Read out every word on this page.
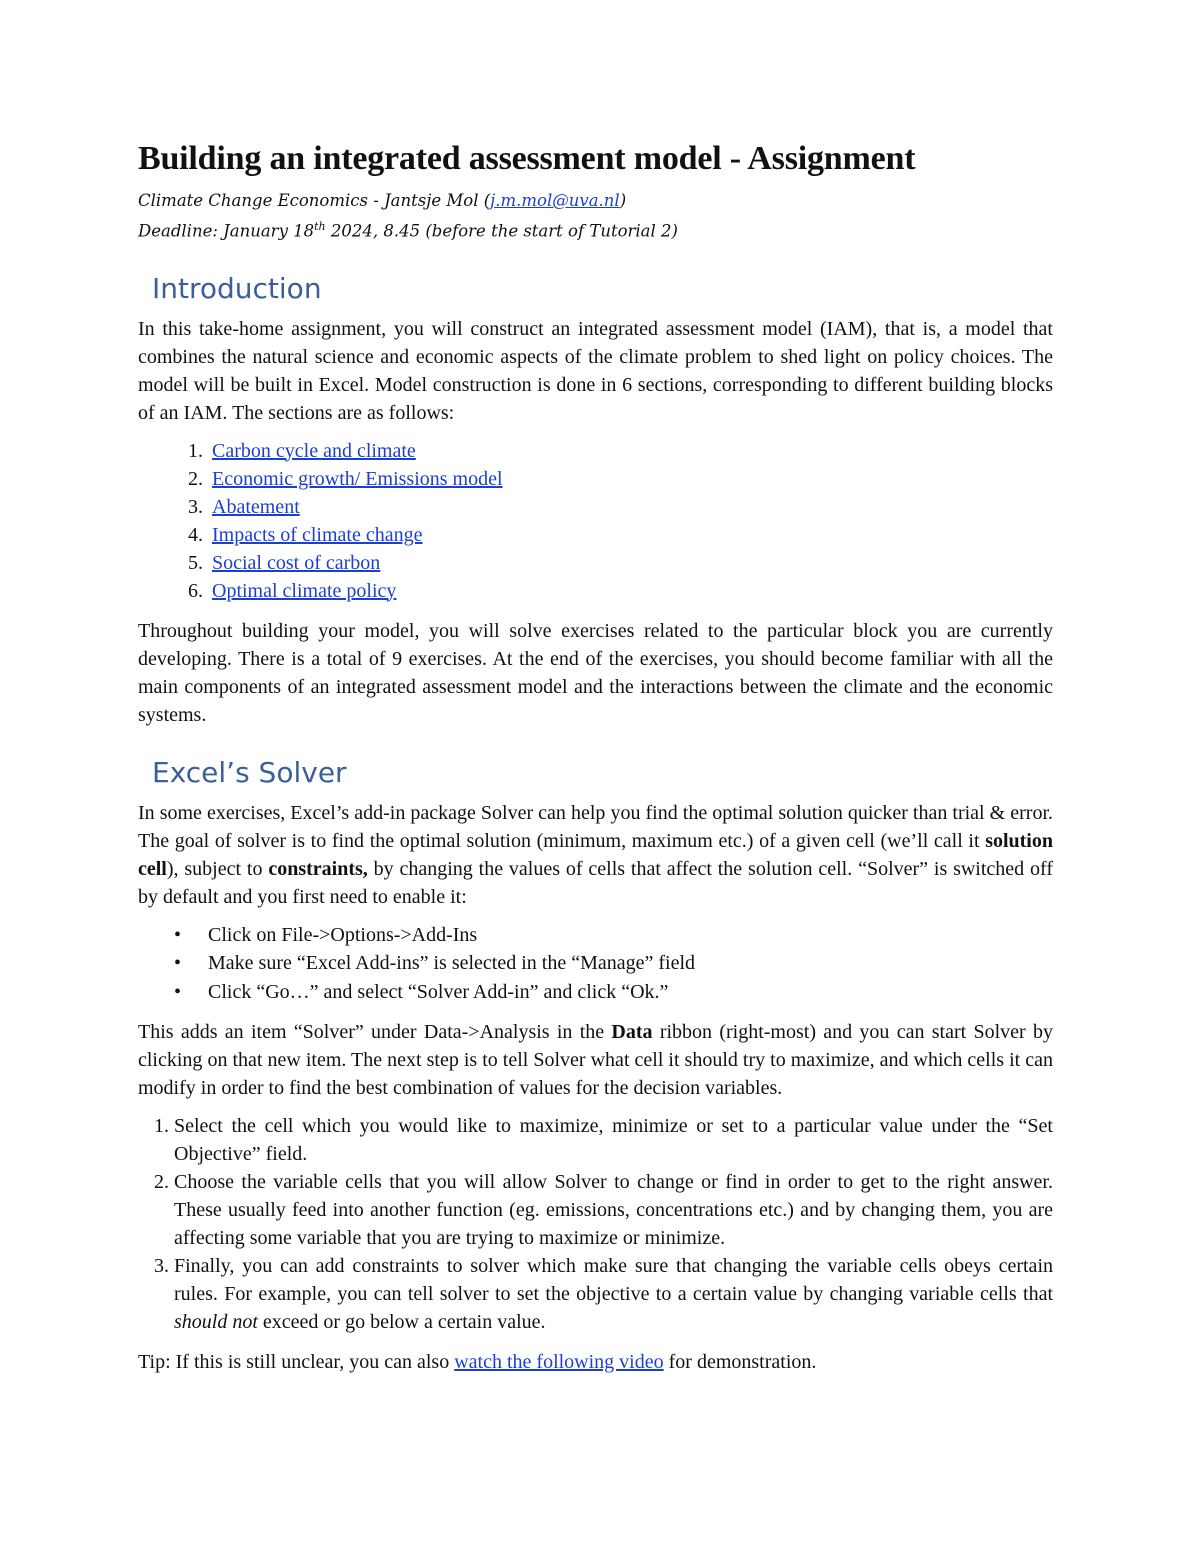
Building an integrated assessment model - Assignment

Climate Change Economics - Jantsje Mol (j.m.mol@uva.nl)

Deadline: January 18th 2024, 8.45 (before the start of Tutorial 2)

Introduction

In this take-home assignment, you will construct an integrated assessment model (IAM), that is, a model that combines the natural science and economic aspects of the climate problem to shed light on policy choices. The model will be built in Excel. Model construction is done in 6 sections, corresponding to different building blocks of an IAM. The sections are as follows:

1. Carbon cycle and climate
2. Economic growth/ Emissions model
3. Abatement
4. Impacts of climate change
5. Social cost of carbon
6. Optimal climate policy

Throughout building your model, you will solve exercises related to the particular block you are currently developing. There is a total of 9 exercises. At the end of the exercises, you should become familiar with all the main components of an integrated assessment model and the interactions between the climate and the economic systems.

Excel’s Solver

In some exercises, Excel’s add-in package Solver can help you find the optimal solution quicker than trial & error. The goal of solver is to find the optimal solution (minimum, maximum etc.) of a given cell (we’ll call it solution cell), subject to constraints, by changing the values of cells that affect the solution cell. “Solver” is switched off by default and you first need to enable it:

• Click on File->Options->Add-Ins
• Make sure “Excel Add-ins” is selected in the “Manage” field
• Click “Go…” and select “Solver Add-in” and click “Ok.”

This adds an item “Solver” under Data->Analysis in the Data ribbon (right-most) and you can start Solver by clicking on that new item. The next step is to tell Solver what cell it should try to maximize, and which cells it can modify in order to find the best combination of values for the decision variables.

1. Select the cell which you would like to maximize, minimize or set to a particular value under the “Set Objective” field.
2. Choose the variable cells that you will allow Solver to change or find in order to get to the right answer. These usually feed into another function (eg. emissions, concentrations etc.) and by changing them, you are affecting some variable that you are trying to maximize or minimize.
3. Finally, you can add constraints to solver which make sure that changing the variable cells obeys certain rules. For example, you can tell solver to set the objective to a certain value by changing variable cells that should not exceed or go below a certain value.

Tip: If this is still unclear, you can also watch the following video for demonstration.
